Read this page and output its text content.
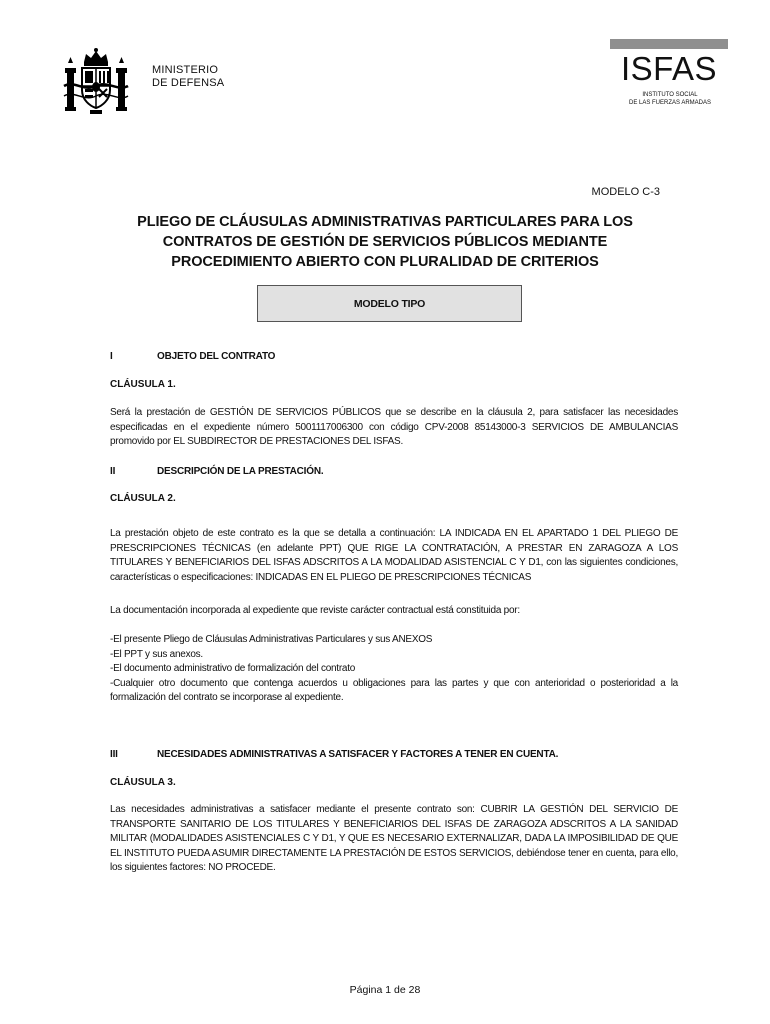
MINISTERIO
DE DEFENSA	ISFAS
INSTITUTO SOCIAL
DE LAS FUERZAS ARMADAS
MODELO C-3
PLIEGO DE CLÁUSULAS ADMINISTRATIVAS PARTICULARES PARA LOS
CONTRATOS DE GESTIÓN DE SERVICIOS PÚBLICOS MEDIANTE
PROCEDIMIENTO ABIERTO CON PLURALIDAD DE CRITERIOS
MODELO TIPO
I	OBJETO DEL CONTRATO
CLÁUSULA 1.
Será la prestación de GESTIÓN DE SERVICIOS PÚBLICOS que se describe en la cláusula 2, para satisfacer las necesidades especificadas en el expediente número 5001117006300 con código CPV-2008 85143000-3 SERVICIOS DE AMBULANCIAS promovido por EL SUBDIRECTOR DE PRESTACIONES DEL ISFAS.
II	DESCRIPCIÓN DE LA PRESTACIÓN.
CLÁUSULA 2.
La prestación objeto de este contrato es la que se detalla a continuación: LA INDICADA EN EL APARTADO 1 DEL PLIEGO DE PRESCRIPCIONES TÉCNICAS (en adelante PPT) QUE RIGE LA CONTRATACIÓN, A PRESTAR EN ZARAGOZA A LOS TITULARES Y BENEFICIARIOS DEL ISFAS ADSCRITOS A LA MODALIDAD ASISTENCIAL C Y D1, con las siguientes condiciones, características o especificaciones: INDICADAS EN EL PLIEGO DE PRESCRIPCIONES TÉCNICAS
La documentación incorporada al expediente que reviste carácter contractual está constituida por:
-El presente Pliego de Cláusulas Administrativas Particulares y sus ANEXOS
-El PPT y sus anexos.
-El documento administrativo de formalización del contrato
-Cualquier otro documento que contenga acuerdos u obligaciones para las partes y que con anterioridad o posterioridad a la formalización del contrato se incorporase al expediente.
III	NECESIDADES ADMINISTRATIVAS A SATISFACER Y FACTORES A TENER EN CUENTA.
CLÁUSULA 3.
Las necesidades administrativas a satisfacer mediante el presente contrato son: CUBRIR LA GESTIÓN DEL SERVICIO DE TRANSPORTE SANITARIO DE LOS TITULARES Y BENEFICIARIOS DEL ISFAS DE ZARAGOZA ADSCRITOS A LA SANIDAD MILITAR (MODALIDADES ASISTENCIALES C Y D1, Y QUE ES NECESARIO EXTERNALIZAR, DADA LA IMPOSIBILIDAD DE QUE EL INSTITUTO PUEDA ASUMIR DIRECTAMENTE LA PRESTACIÓN DE ESTOS SERVICIOS, debiéndose tener en cuenta, para ello, los siguientes factores: NO PROCEDE.
Página 1 de 28
